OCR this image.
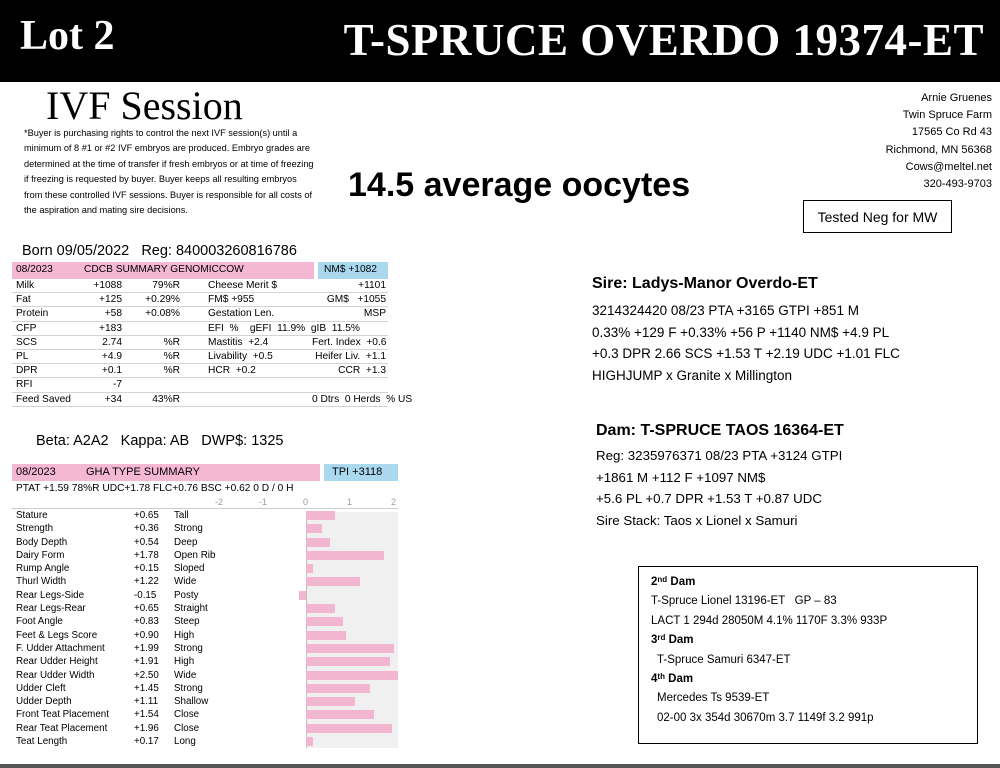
Lot 2	T-SPRUCE OVERDO 19374-ET
IVF Session
*Buyer is purchasing rights to control the next IVF session(s) until a minimum of 8 #1 or #2 IVF embryos are produced. Embryo grades are determined at the time of transfer if fresh embryos or at time of freezing if freezing is requested by buyer. Buyer keeps all resulting embryos from these controlled IVF sessions. Buyer is responsible for all costs of the aspiration and mating sire decisions.
Arnie Gruenes
Twin Spruce Farm
17565 Co Rd 43
Richmond, MN 56368
Cows@meltel.net
320-493-9703
14.5 average oocytes
Tested Neg for MW
Born 09/05/2022   Reg: 840003260816786
08/2023	CDCB SUMMARY GENOMICCOW	NM$ +1082
Milk	+1088	79%R	Cheese Merit $	+1101
Fat	+125	+0.29%	FM$ +955	GM$   +1055
Protein	+58	+0.08%	Gestation Len.	MSP
CFP	+183	EFI  %    gEFI  11.9%  gIB  11.5%
SCS	2.74	%R	Mastitis  +2.4	Fert. Index  +0.6
PL	+4.9	%R	Livability  +0.5	Heifer Liv.  +1.1
DPR	+0.1	%R	HCR  +0.2	CCR  +1.3
RFI	-7
Feed Saved	+34	43%R	0 Dtrs  0 Herds  % US
Beta: A2A2   Kappa: AB   DWP$: 1325
08/2023	GHA TYPE SUMMARY	TPI +3118
PTAT +1.59 78%R UDC+1.78 FLC+0.76 BSC +0.62 0 D / 0 H
-2	-1	0	1	2
Stature	+0.65 Tall
Strength	+0.36 Strong
Body Depth	+0.54 Deep
Dairy Form	+1.78 Open Rib
Rump Angle	+0.15 Sloped
Thurl Width	+1.22 Wide
Rear Legs-Side	-0.15 Posty
Rear Legs-Rear	+0.65 Straight
Foot Angle	+0.83 Steep
Feet & Legs Score	+0.90 High
F. Udder Attachment	+1.99 Strong
Rear Udder Height	+1.91 High
Rear Udder Width	+2.50 Wide
Udder Cleft	+1.45 Strong
Udder Depth	+1.11 Shallow
Front Teat Placement	+1.54 Close
Rear Teat Placement	+1.96 Close
Teat Length	+0.17 Long
Sire: Ladys-Manor Overdo-ET
3214324420 08/23 PTA +3165 GTPI +851 M
0.33% +129 F +0.33% +56 P +1140 NM$ +4.9 PL
+0.3 DPR 2.66 SCS +1.53 T +2.19 UDC +1.01 FLC
HIGHJUMP x Granite x Millington
Dam: T-SPRUCE TAOS 16364-ET
Reg: 3235976371 08/23 PTA +3124 GTPI
+1861 M +112 F +1097 NM$
+5.6 PL +0.7 DPR +1.53 T +0.87 UDC
Sire Stack: Taos x Lionel x Samuri
2nd Dam
T-Spruce Lionel 13196-ET   GP – 83
LACT 1 294d 28050M 4.1% 1170F 3.3% 933P
3rd Dam
T-Spruce Samuri 6347-ET
4th Dam
Mercedes Ts 9539-ET
02-00 3x 354d 30670m 3.7 1149f 3.2 991p
